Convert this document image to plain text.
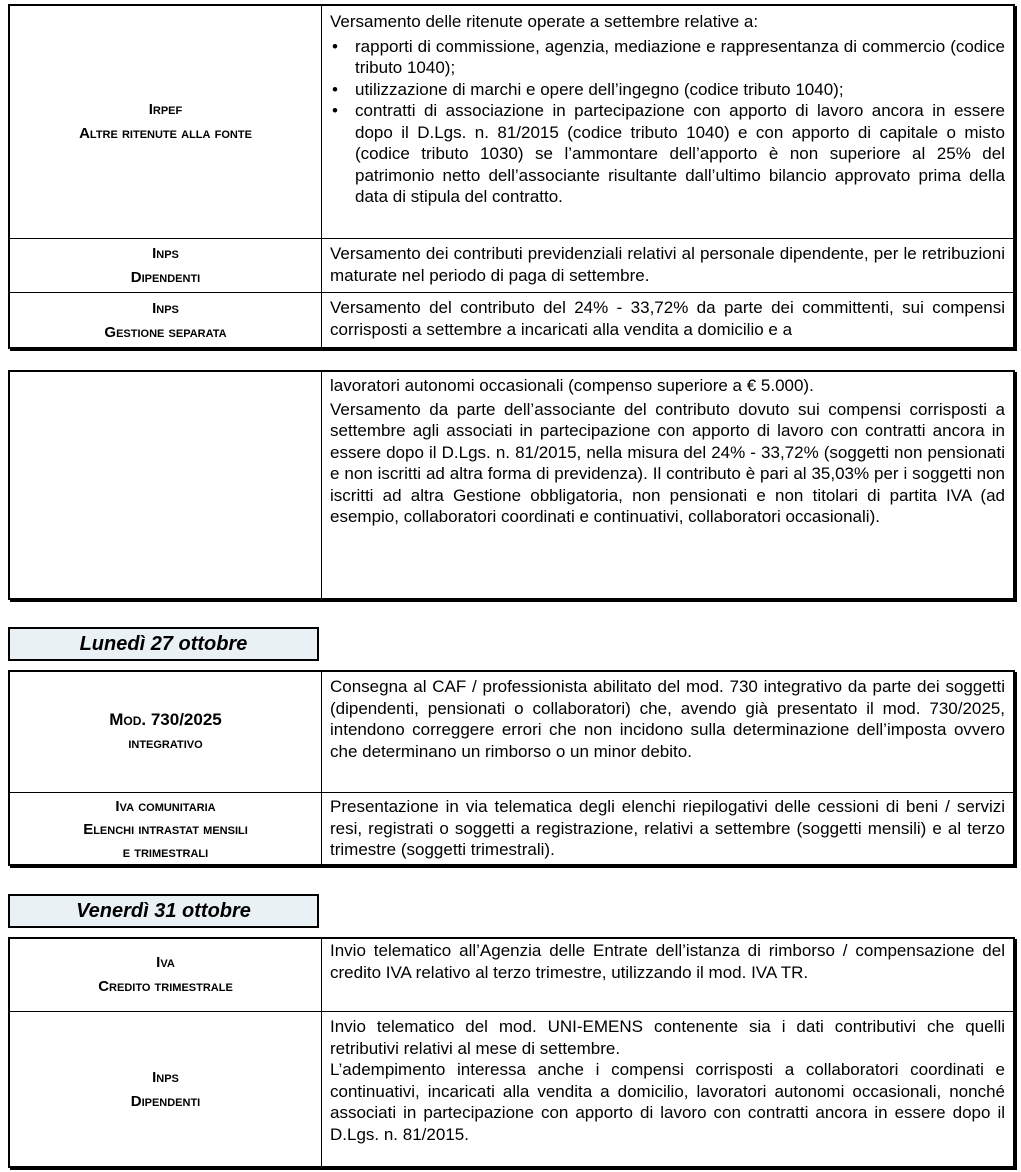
Irpef
Altre ritenute alla fonte

Versamento delle ritenute operate a settembre relative a:

• rapporti di commissione, agenzia, mediazione e rappresentanza di commercio (codice tributo 1040);
• utilizzazione di marchi e opere dell’ingegno (codice tributo 1040);
• contratti di associazione in partecipazione con apporto di lavoro ancora in essere dopo il D.Lgs. n. 81/2015 (codice tributo 1040) e con apporto di capitale o misto (codice tributo 1030) se l’ammontare dell’apporto è non superiore al 25% del patrimonio netto dell’associante risultante dall’ultimo bilancio approvato prima della data di stipula del contratto.
Inps
Dipendenti

Versamento dei contributi previdenziali relativi al personale dipendente, per le retribuzioni maturate nel periodo di paga di settembre.

Inps
Gestione separata

Versamento del contributo del 24% - 33,72% da parte dei committenti, sui compensi corrisposti a settembre a incaricati alla vendita a domicilio e a

lavoratori autonomi occasionali (compenso superiore a € 5.000).

Versamento da parte dell’associante del contributo dovuto sui compensi corrisposti a settembre agli associati in partecipazione con apporto di lavoro con contratti ancora in essere dopo il D.Lgs. n. 81/2015, nella misura del 24% - 33,72% (soggetti non pensionati e non iscritti ad altra forma di previdenza). Il contributo è pari al 35,03% per i soggetti non iscritti ad altra Gestione obbligatoria, non pensionati e non titolari di partita IVA (ad esempio, collaboratori coordinati e continuativi, collaboratori occasionali).

Lunedì 27 ottobre
Mod. 730/2025
integrativo

Consegna al CAF / professionista abilitato del mod. 730 integrativo da parte dei soggetti (dipendenti, pensionati o collaboratori) che, avendo già presentato il mod. 730/2025, intendono correggere errori che non incidono sulla determinazione dell’imposta ovvero che determinano un rimborso o un minor debito.

Iva comunitaria
Elenchi intrastat mensili
e trimestrali

Presentazione in via telematica degli elenchi riepilogativi delle cessioni di beni / servizi resi, registrati o soggetti a registrazione, relativi a settembre (soggetti mensili) e al terzo trimestre (soggetti trimestrali).

Venerdì 31 ottobre
Iva
Credito trimestrale

Invio telematico all’Agenzia delle Entrate dell’istanza di rimborso / compensazione del credito IVA relativo al terzo trimestre, utilizzando il mod. IVA TR.

Inps
Dipendenti

Invio telematico del mod. UNI-EMENS contenente sia i dati contributivi che quelli retributivi relativi al mese di settembre.

L’adempimento interessa anche i compensi corrisposti a collaboratori coordinati e continuativi, incaricati alla vendita a domicilio, lavoratori autonomi occasionali, nonché associati in partecipazione con apporto di lavoro con contratti ancora in essere dopo il D.Lgs. n. 81/2015.
